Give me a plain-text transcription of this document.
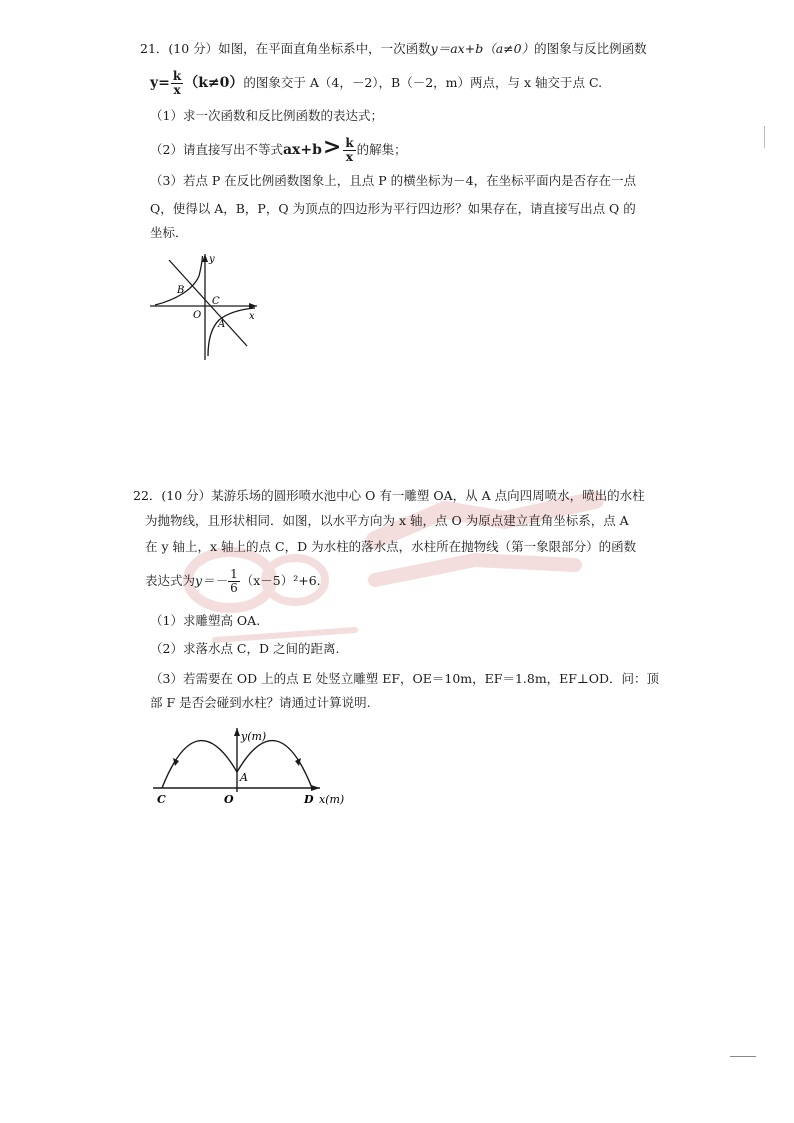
21．(10 分）如图，在平面直角坐标系中，一次函数y＝ax+b（a≠0）的图象与反比例函数
$y= \frac{k}{x} (k\ne 0)$的图象交于 A（4，－2），B（－2，m）两点，与 x 轴交于点 C.
（1）求一次函数和反比例函数的表达式；
（2）请直接写出不等式$ax+b> \frac{k}{x}$ 的解集；
（3）若点 P 在反比例函数图象上，且点 P 的横坐标为－4，在坐标平面内是否存在一点
Q，使得以 A，B，P，Q 为顶点的四边形为平行四边形？如果存在，请直接写出点 Q 的
坐标．
y
x
B
O
C
A
22．(10 分）某游乐场的圆形喷水池中心 O 有一雕塑 OA，从 A 点向四周喷水，喷出的水柱
为抛物线，且形状相同．如图，以水平方向为 x 轴，点 O 为原点建立直角坐标系，点 A
在 y 轴上，x 轴上的点 C，D 为水柱的落水点，水柱所在抛物线（第一象限部分）的函数
表达式为$y=- \frac{1}{6} (x-5)^2+6$.
（1）求雕塑高 OA.
（2）求落水点 C，D 之间的距离.
（3）若需要在 OD 上的点 E 处竖立雕塑 EF，OE＝10m，EF＝1.8m，EF⊥OD．问：顶
部 F 是否会碰到水柱？请通过计算说明.
y(m)
A
C	O	D x(m)
